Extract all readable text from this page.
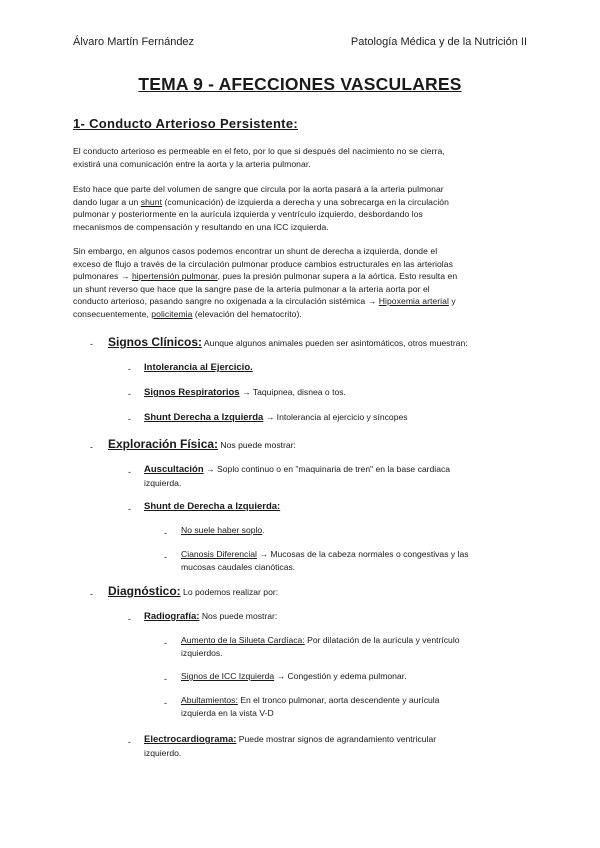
Álvaro Martín Fernández	Patología Médica y de la Nutrición II
TEMA 9 - AFECCIONES VASCULARES
1- Conducto Arterioso Persistente:
El conducto arterioso es permeable en el feto, por lo que si después del nacimiento no se cierra,
existirá una comunicación entre la aorta y la arteria pulmonar.
Esto hace que parte del volumen de sangre que circula por la aorta pasará a la arteria pulmonar
dando lugar a un shunt (comunicación) de izquierda a derecha y una sobrecarga en la circulación
pulmonar y posteriormente en la aurícula izquierda y ventrículo izquierdo, desbordando los
mecanismos de compensación y resultando en una ICC izquierda.
Sin embargo, en algunos casos podemos encontrar un shunt de derecha a izquierda, donde el
exceso de flujo a través de la circulación pulmonar produce cambios estructurales en las arteriolas
pulmonares → hipertensión pulmonar, pues la presión pulmonar supera a la aórtica. Esto resulta en
un shunt reverso que hace que la sangre pase de la arteria pulmonar a la arteria aorta por el
conducto arterioso, pasando sangre no oxigenada a la circulación sistémica → Hipoxemia arterial y
consecuentemente, policitemia (elevación del hematocrito).
- Signos Clínicos: Aunque algunos animales pueden ser asintomáticos, otros muestran:
- Intolerancia al Ejercicio.
- Signos Respiratorios → Taquipnea, disnea o tos.
- Shunt Derecha a Izquierda → Intolerancia al ejercicio y síncopes
- Exploración Física: Nos puede mostrar:
- Auscultación → Soplo continuo o en "maquinaria de tren" en la base cardiaca
izquierda.
- Shunt de Derecha a Izquierda:
- No suele haber soplo.
- Cianosis Diferencial → Mucosas de la cabeza normales o congestivas y las
mucosas caudales cianóticas.
- Diagnóstico: Lo podemos realizar por:
- Radiografía: Nos puede mostrar:
- Aumento de la Silueta Cardíaca: Por dilatación de la aurícula y ventrículo
izquierdos.
- Signos de ICC Izquierda → Congestión y edema pulmonar.
- Abultamientos: En el tronco pulmonar, aorta descendente y aurícula
izquierda en la vista V-D
- Electrocardiograma: Puede mostrar signos de agrandamiento ventricular
izquierdo.
